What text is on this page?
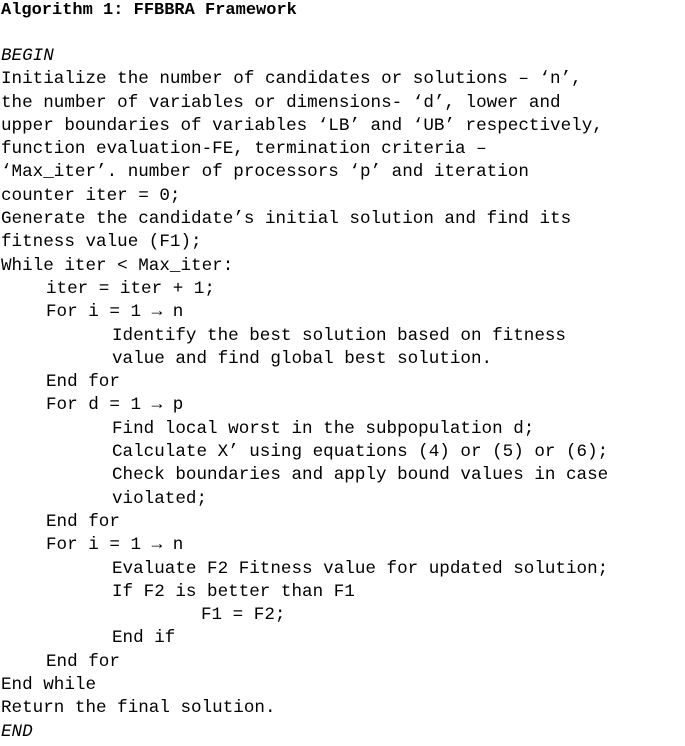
Algorithm 1: FFBBRA Framework
BEGIN
Initialize the number of candidates or solutions – ‘n’,
the number of variables or dimensions- ‘d’, lower and
upper boundaries of variables ‘LB’ and ‘UB’ respectively,
function evaluation-FE, termination criteria –
‘Max_iter’. number of processors ‘p’ and iteration
counter iter = 0;
Generate the candidate’s initial solution and find its
fitness value (F1);
While iter < Max_iter:
iter = iter + 1;
For i = 1 → n
Identify the best solution based on fitness
value and find global best solution.
End for
For d = 1 → p
Find local worst in the subpopulation d;
Calculate X’ using equations (4) or (5) or (6);
Check boundaries and apply bound values in case
violated;
End for
For i = 1 → n
Evaluate F2 Fitness value for updated solution;
If F2 is better than F1
F1 = F2;
End if
End for
End while
Return the final solution.
END
